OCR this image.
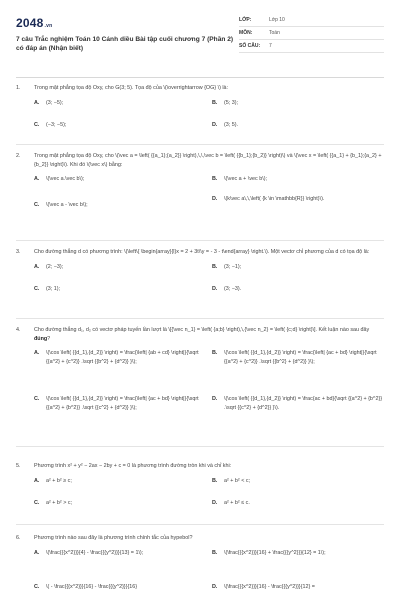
2048 .vn
7 câu Trắc nghiệm Toán 10 Cánh diều Bài tập cuối chương 7 (Phần 2) có đáp án (Nhận biết)
LỚP:	Lớp 10
MÔN:	Toán
SỐ CÂU:	7
1.	Trong mặt phẳng tọa độ Oxy, cho G(3; 5). Tọa độ của \(\overrightarrow {OG} \) là:
A.	(3; −5);	B.	(5; 3);
C.	(−3; −5);	D.	(3; 5).
2.	Trong mặt phẳng tọa độ Oxy, cho \(\vec a = \left( {{a_1};{a_2}} \right),\,\,\vec b = \left( {{b_1};{b_2}} \right)\) và \(\vec x = \left( {{a_1} + {b_1};{a_2} + {b_2}} \right)\). Khi đó \(\vec x\) bằng:
A.	\(\vec a.\vec b\);	B.	\(\vec a + \vec b\);
C.	\(\vec a - \vec b\);
D.	\(k\vec a\,\,\left( {k \in \mathbb{R}} \right)\).
3.	Cho đường thẳng d có phương trình: \(\left\{ \begin{array}{l}x = 2 + 3t\\y = - 3 - t\end{array} \right.\). Một vectơ chỉ phương của d có tọa độ là:
A.	(2; −3);	B.	(3; −1);
C.	(3; 1);	D.	(3; −3).
4.	Cho đường thẳng d₁, d₂ có vectơ pháp tuyến lần lượt là \[{\vec n_1} = \left( {a;b} \right),\,{\vec n_2} = \left( {c;d} \right)\]. Kết luận nào sau đây đúng?
A.	\(\cos \left( {{d_1},{d_2}} \right) = \frac{\left| {ab + cd} \right|}{\sqrt {{a^2} + {c^2}} .\sqrt {{b^2} + {d^2}} }\);
B.	\(\cos \left( {{d_1},{d_2}} \right) = \frac{\left| {ac + bd} \right|}{\sqrt {{a^2} + {c^2}} .\sqrt {{b^2} + {d^2}} }\);
C.	\(\cos \left( {{d_1},{d_2}} \right) = \frac{\left| {ac + bd} \right|}{\sqrt {{a^2} + {b^2}} .\sqrt {{c^2} + {d^2}} }\);
D.	\(\cos \left( {{d_1},{d_2}} \right) = \frac{ac + bd}{\sqrt {{a^2} + {b^2}} .\sqrt {{c^2} + {d^2}} }\).
5.	Phương trình x² + y² − 2ax − 2by + c = 0 là phương trình đường tròn khi và chỉ khi:
A.	a² + b² ≥ c;	B.	a² + b² < c;
C.	a² + b² > c;	D.	a² + b² ≤ c.
6.	Phương trình nào sau đây là phương trình chính tắc của hypebol?
A.	\(\frac{{{x^2}}}{4} - \frac{{{y^2}}}{13} = 1\);	B.	\(\frac{{{x^2}}}{16} + \frac{{{y^2}}}{12} = 1\);
C.	\( - \frac{{{x^2}}}{16} - \frac{{{y^2}}}{16}	D.	\(\frac{{{x^2}}}{16} - \frac{{{y^2}}}{12} =
